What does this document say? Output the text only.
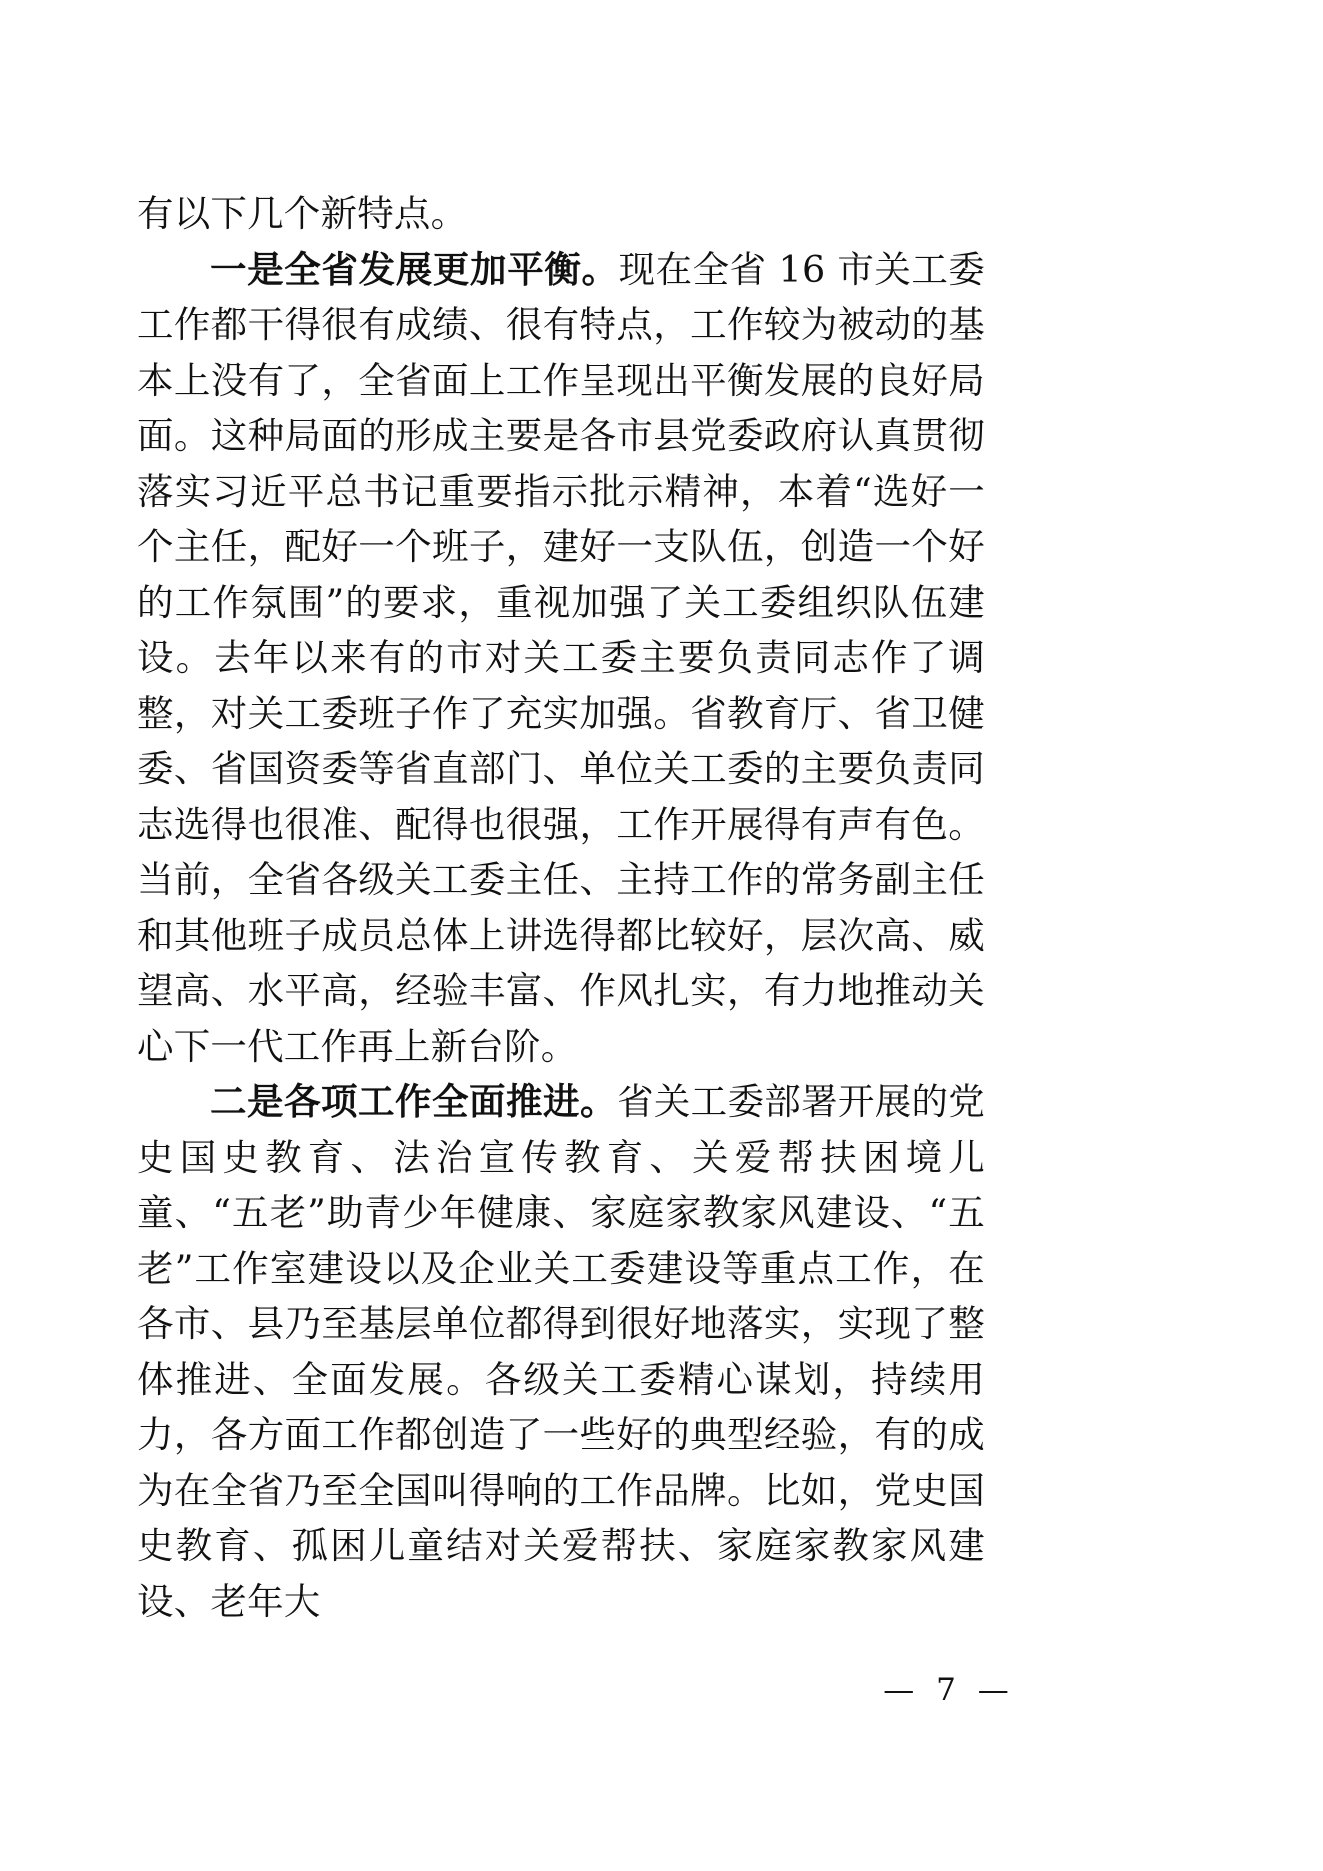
有以下几个新特点。

一是全省发展更加平衡。现在全省 16 市关工委工作都干得很有成绩、很有特点，工作较为被动的基本上没有了，全省面上工作呈现出平衡发展的良好局面。这种局面的形成主要是各市县党委政府认真贯彻落实习近平总书记重要指示批示精神，本着“选好一个主任，配好一个班子，建好一支队伍，创造一个好的工作氛围”的要求，重视加强了关工委组织队伍建设。去年以来有的市对关工委主要负责同志作了调整，对关工委班子作了充实加强。省教育厅、省卫健委、省国资委等省直部门、单位关工委的主要负责同志选得也很准、配得也很强，工作开展得有声有色。当前，全省各级关工委主任、主持工作的常务副主任和其他班子成员总体上讲选得都比较好，层次高、威望高、水平高，经验丰富、作风扎实，有力地推动关心下一代工作再上新台阶。

二是各项工作全面推进。省关工委部署开展的党史国史教育、法治宣传教育、关爱帮扶困境儿童、“五老”助青少年健康、家庭家教家风建设、“五老”工作室建设以及企业关工委建设等重点工作，在各市、县乃至基层单位都得到很好地落实，实现了整体推进、全面发展。各级关工委精心谋划，持续用力，各方面工作都创造了一些好的典型经验，有的成为在全省乃至全国叫得响的工作品牌。比如，党史国史教育、孤困儿童结对关爱帮扶、家庭家教家风建设、老年大

— 7 —
